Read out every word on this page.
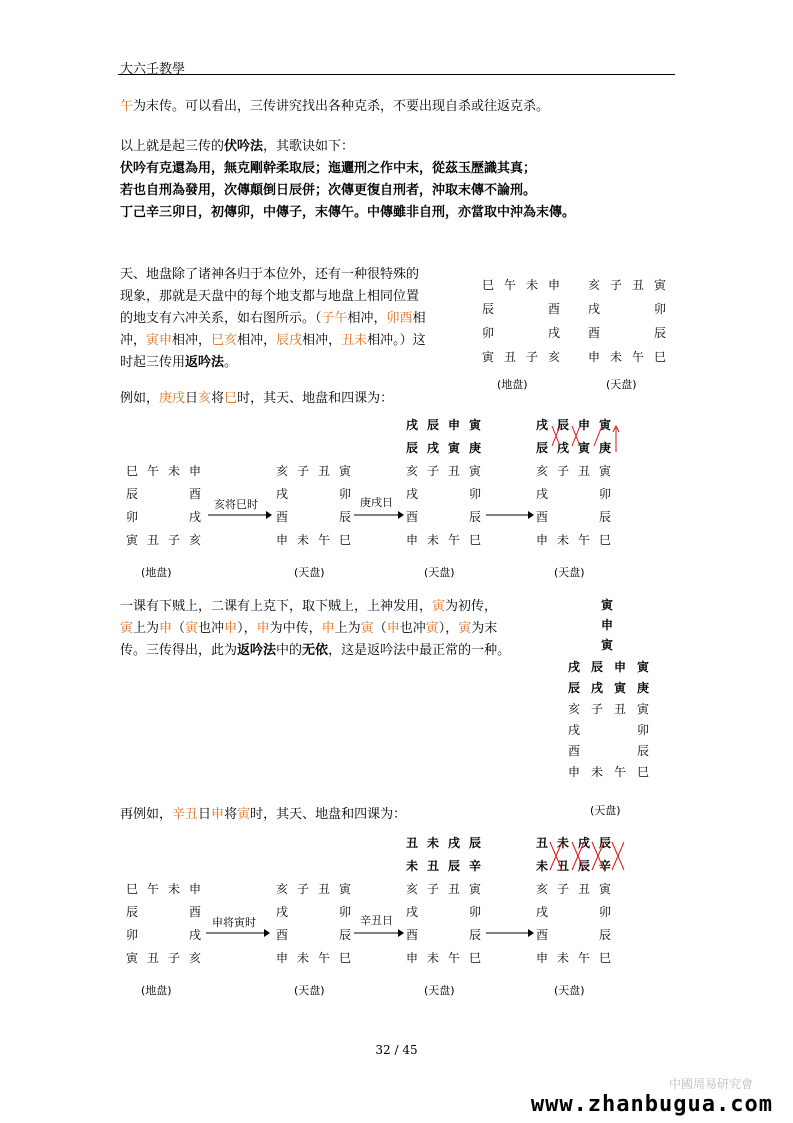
大六壬教學
午为末传。可以看出，三传讲究找出各种克杀，不要出现自杀或往返克杀。
以上就是起三传的伏吟法，其歌诀如下：
伏吟有克還為用，無克剛幹柔取辰；迤邐刑之作中末，從茲玉歷識其真；
若也自刑為發用，次傳顛倒日辰併；次傳更復自刑者，沖取末傳不論刑。
丁己辛三卯日，初傳卯，中傳子，末傳午。中傳雖非自刑，亦當取中沖為末傳。
天、地盘除了诸神各归于本位外，还有一种很特殊的
现象，那就是天盘中的每个地支都与地盘上相同位置
的地支有六冲关系，如右图所示。（子午相冲，卯酉相
冲，寅申相冲，巳亥相冲，辰戌相冲，丑未相冲。）这
时起三传用返吟法。
巳 午 未 申
辰	酉
卯	戌
寅 丑 子 亥
亥 子 丑 寅
戌	卯
酉	辰
申 未 午 巳
(地盘)	(天盘)
例如，庚戌日亥将巳时，其天、地盘和四课为：
巳 午 未 申
辰	酉
卯	戌
寅 丑 子 亥
亥将巳时
亥 子 丑 寅
戌	卯
酉	辰
申 未 午 巳
庚戌日
戌 辰 申 寅
辰 戌 寅 庚
亥 子 丑 寅
戌	卯
酉	辰
申 未 午 巳
戌 辰 申 寅
辰 戌 寅 庚
亥 子 丑 寅
戌	卯
酉	辰
申 未 午 巳
(地盘)	(天盘)	(天盘)	(天盘)
一课有下贼上，二课有上克下，取下贼上，上神发用，寅为初传，
寅上为申（寅也冲申），申为中传，申上为寅（申也冲寅），寅为末
传。三传得出，此为返吟法中的无依，这是返吟法中最正常的一种。
寅
申
寅
戌 辰 申 寅
辰 戌 寅 庚
亥 子 丑 寅
戌	卯
酉	辰
申 未 午 巳
(天盘)
再例如，辛丑日申将寅时，其天、地盘和四课为：
巳 午 未 申
辰	酉
卯	戌
寅 丑 子 亥
申将寅时
亥 子 丑 寅
戌	卯
酉	辰
申 未 午 巳
辛丑日
丑 未 戌 辰
未 丑 辰 辛
亥 子 丑 寅
戌	卯
酉	辰
申 未 午 巳
丑 未 戌 辰
未 丑 辰 辛
亥 子 丑 寅
戌	卯
酉	辰
申 未 午 巳
(地盘)	(天盘)	(天盘)	(天盘)
32 / 45
中國周易研究會
www.zhanbugua.com
